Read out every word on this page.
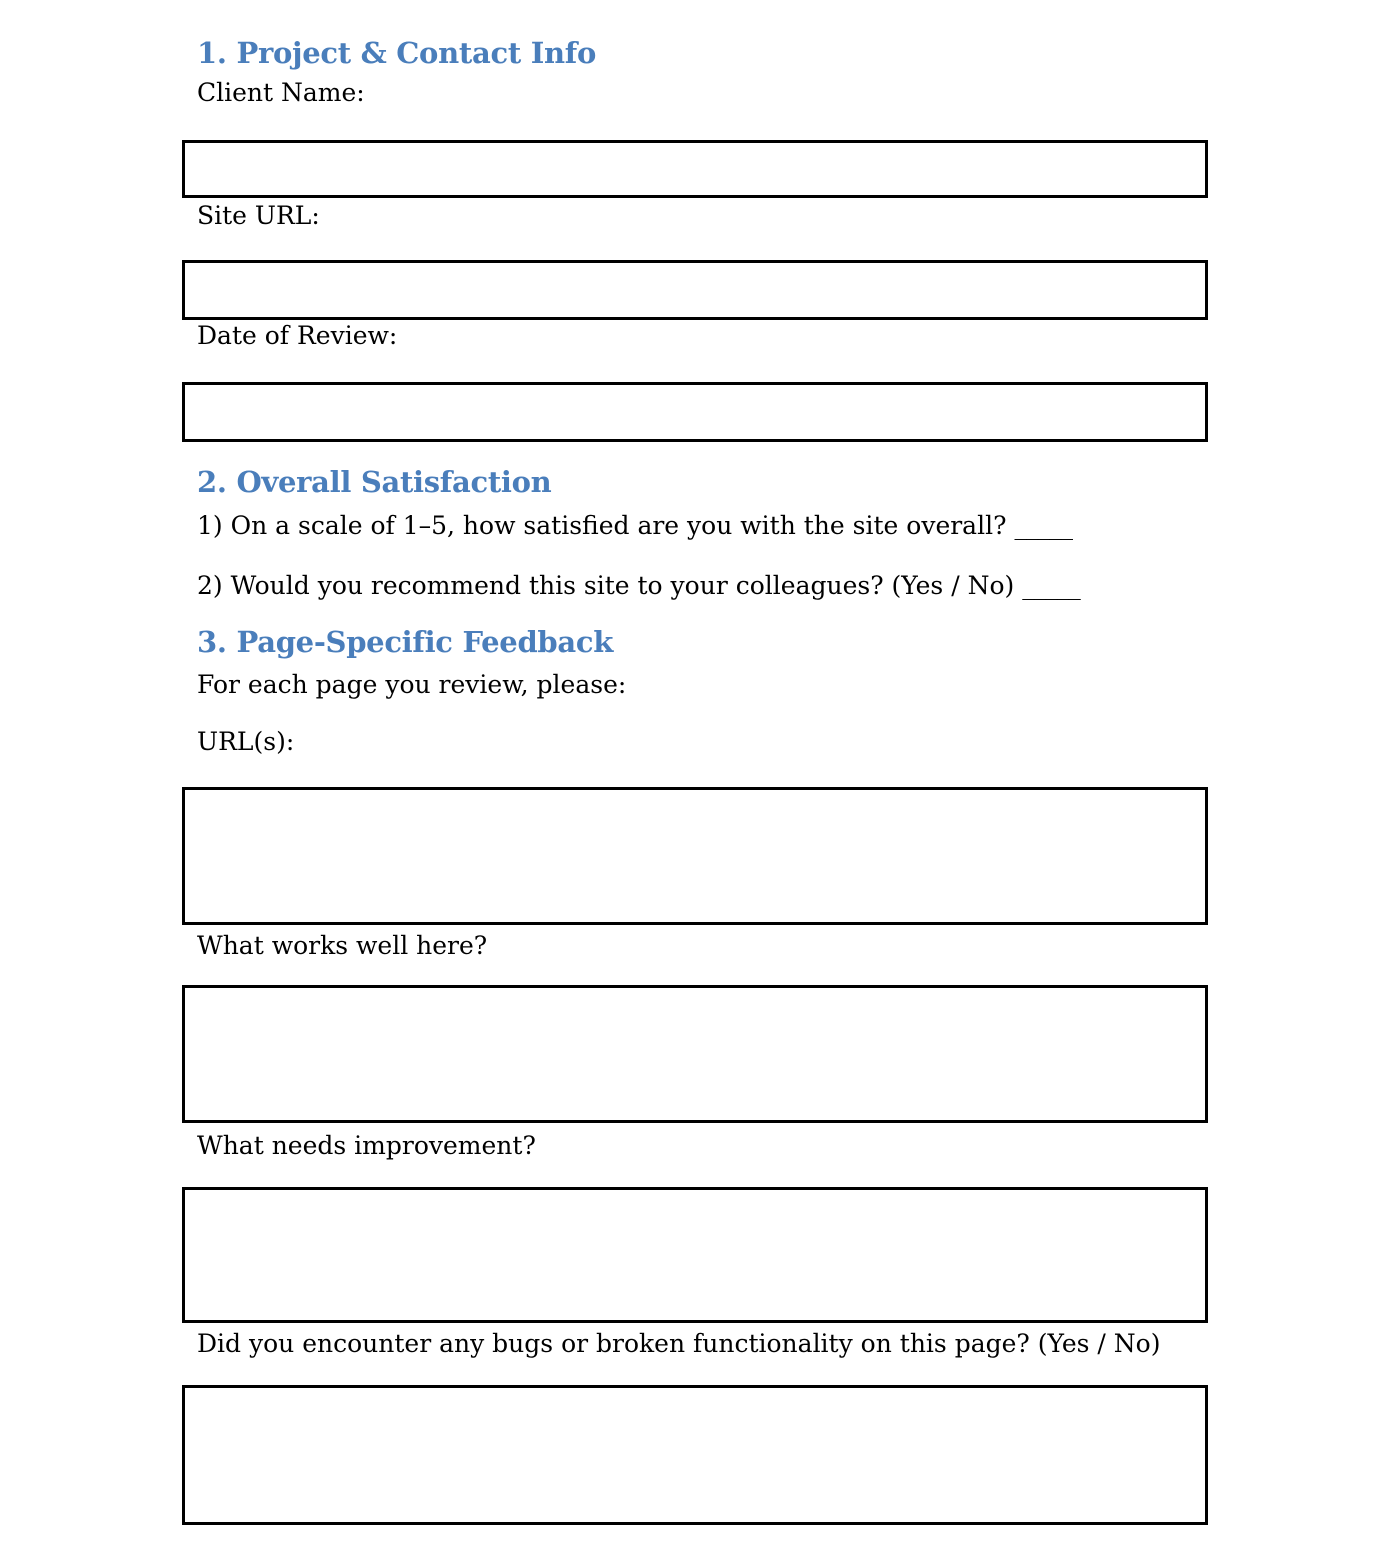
1. Project & Contact Info
Client Name:
Site URL:
Date of Review:
2. Overall Satisfaction
1) On a scale of 1–5, how satisfied are you with the site overall? _____
2) Would you recommend this site to your colleagues? (Yes / No) _____
3. Page-Specific Feedback
For each page you review, please:
URL(s):
What works well here?
What needs improvement?
Did you encounter any bugs or broken functionality on this page? (Yes / No)
